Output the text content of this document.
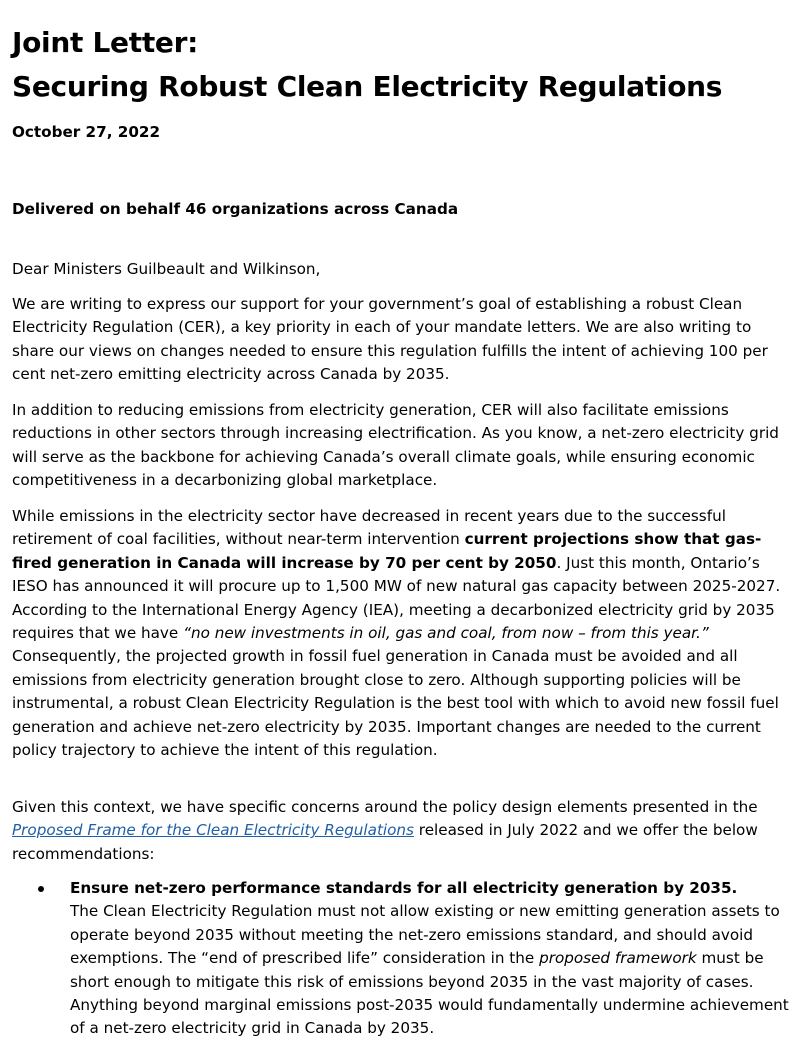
Joint Letter:
Securing Robust Clean Electricity Regulations
October 27, 2022
Delivered on behalf 46 organizations across Canada

Dear Ministers Guilbeault and Wilkinson,

We are writing to express our support for your government’s goal of establishing a robust Clean Electricity Regulation (CER), a key priority in each of your mandate letters. We are also writing to share our views on changes needed to ensure this regulation fulfills the intent of achieving 100 per cent net-zero emitting electricity across Canada by 2035.

In addition to reducing emissions from electricity generation, CER will also facilitate emissions reductions in other sectors through increasing electrification. As you know, a net-zero electricity grid will serve as the backbone for achieving Canada’s overall climate goals, while ensuring economic competitiveness in a decarbonizing global marketplace.

While emissions in the electricity sector have decreased in recent years due to the successful retirement of coal facilities, without near-term intervention current projections show that gas-fired generation in Canada will increase by 70 per cent by 2050. Just this month, Ontario’s IESO has announced it will procure up to 1,500 MW of new natural gas capacity between 2025-2027. According to the International Energy Agency (IEA), meeting a decarbonized electricity grid by 2035 requires that we have “no new investments in oil, gas and coal, from now – from this year.” Consequently, the projected growth in fossil fuel generation in Canada must be avoided and all emissions from electricity generation brought close to zero. Although supporting policies will be instrumental, a robust Clean Electricity Regulation is the best tool with which to avoid new fossil fuel generation and achieve net-zero electricity by 2035. Important changes are needed to the current policy trajectory to achieve the intent of this regulation.

Given this context, we have specific concerns around the policy design elements presented in the Proposed Frame for the Clean Electricity Regulations released in July 2022 and we offer the below recommendations:

Ensure net-zero performance standards for all electricity generation by 2035.
The Clean Electricity Regulation must not allow existing or new emitting generation assets to operate beyond 2035 without meeting the net-zero emissions standard, and should avoid exemptions. The “end of prescribed life” consideration in the proposed framework must be short enough to mitigate this risk of emissions beyond 2035 in the vast majority of cases. Anything beyond marginal emissions post-2035 would fundamentally undermine achievement of a net-zero electricity grid in Canada by 2035.
